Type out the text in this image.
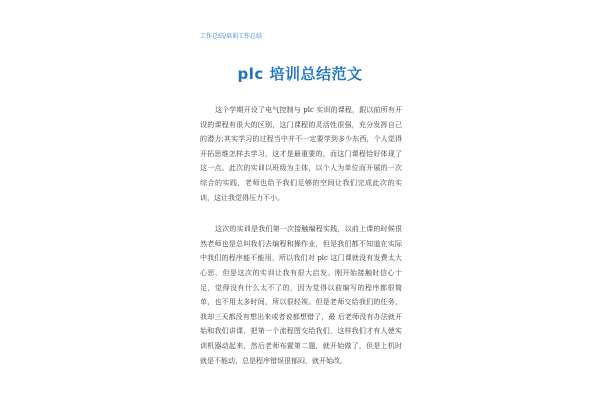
工作总结/培训工作总结
plc 培训总结范文

这个学期开设了电气控制与 plc 实训的课程，跟以前所有开设的课程有很大的区别，这门课程的灵活性很强，充分发挥自己的潜力;其实学习的过程当中并不一定要学到多少东西，个人觉得开拓思维怎样去学习，这才是最重要的，而这门课程恰好体现了这一点。此次的实训以班级为主体，以个人为单位而开展的一次综合的实践，老师也给予我们足够的空间让我们完成此次的实训，这让我觉得压力不小。

这次的实训是我们第一次接触编程实践，以前上课的时候很然老师也是总叫我们去编程和操作业，但是我们都不知道在实际中我们的程序能不能用，所以我们对 plc 这门课就没有发费太大心思，但是这次的实训让我有很大启发。刚开始接触时信心十足，觉得没有什么太不了的，因为觉得以前编写的程序都很简单，也不用太多时间，所以很轻视。但是老师交给我们的任务，我却三天都没有想出来或者说都想错了，最 后老师没有办法就开始和我们讲课，把第一个流程图交给我们，这样我们才有人使实训机器动起来，然后老师布置第二题，就开始做了，但是上机时就是不能动，总是程序错误很郁闷，就开始改。
